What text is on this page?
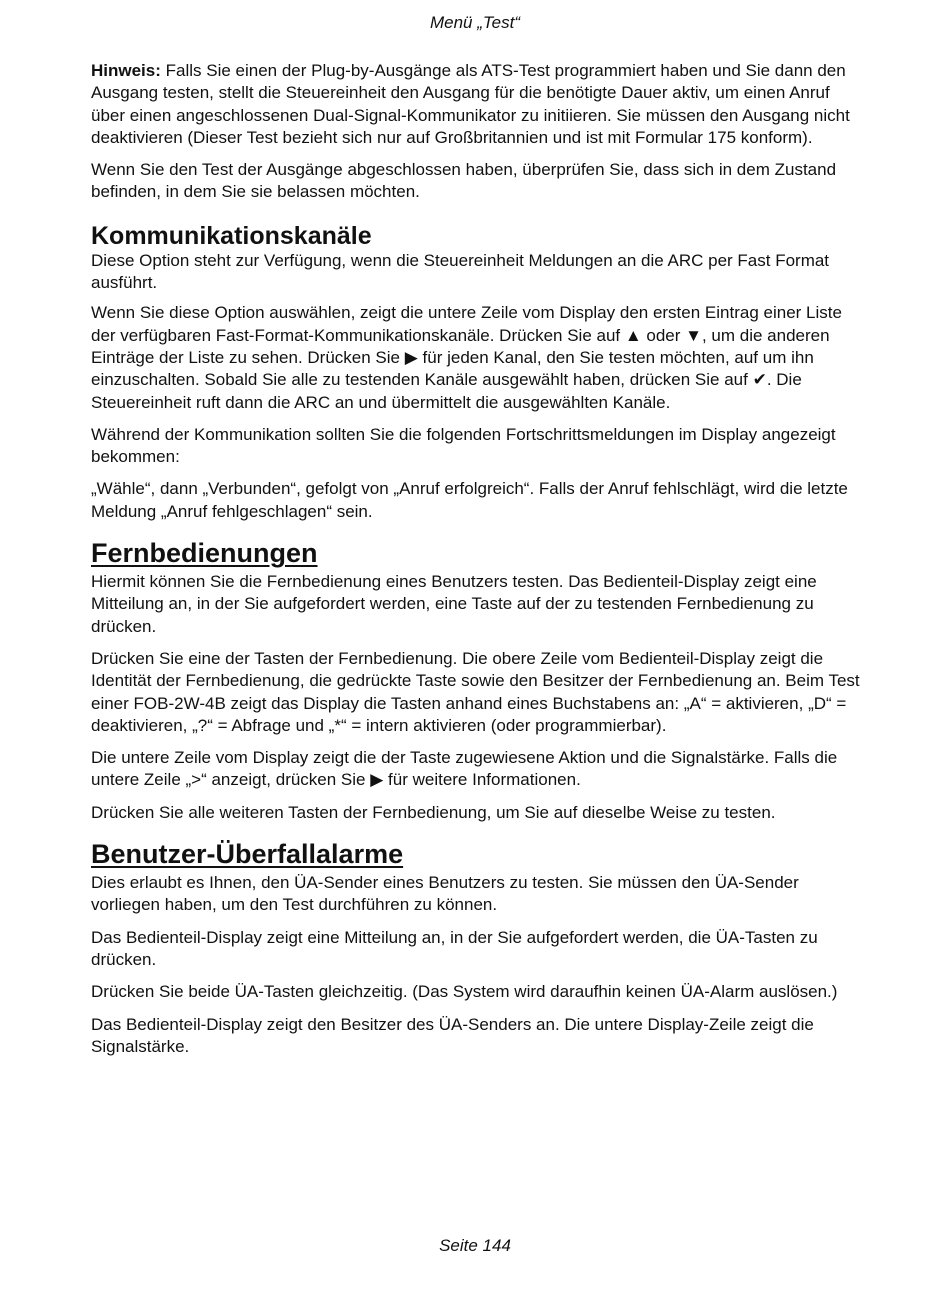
Menü „Test“

Hinweis: Falls Sie einen der Plug-by-Ausgänge als ATS-Test programmiert haben und Sie dann den Ausgang testen, stellt die Steuereinheit den Ausgang für die benötigte Dauer aktiv, um einen Anruf über einen angeschlossenen Dual-Signal-Kommunikator zu initiieren. Sie müssen den Ausgang nicht deaktivieren (Dieser Test bezieht sich nur auf Großbritannien und ist mit Formular 175 konform).

Wenn Sie den Test der Ausgänge abgeschlossen haben, überprüfen Sie, dass sich in dem Zustand befinden, in dem Sie sie belassen möchten.

Kommunikationskanäle

Diese Option steht zur Verfügung, wenn die Steuereinheit Meldungen an die ARC per Fast Format ausführt.

Wenn Sie diese Option auswählen, zeigt die untere Zeile vom Display den ersten Eintrag einer Liste der verfügbaren Fast-Format-Kommunikationskanäle. Drücken Sie auf ▲ oder ▼, um die anderen Einträge der Liste zu sehen. Drücken Sie ▶ für jeden Kanal, den Sie testen möchten, auf um ihn einzuschalten. Sobald Sie alle zu testenden Kanäle ausgewählt haben, drücken Sie auf ✔. Die Steuereinheit ruft dann die ARC an und übermittelt die ausgewählten Kanäle.

Während der Kommunikation sollten Sie die folgenden Fortschrittsmeldungen im Display angezeigt bekommen:

„Wähle“, dann „Verbunden“, gefolgt von „Anruf erfolgreich“. Falls der Anruf fehlschlägt, wird die letzte Meldung „Anruf fehlgeschlagen“ sein.

Fernbedienungen

Hiermit können Sie die Fernbedienung eines Benutzers testen. Das Bedienteil-Display zeigt eine Mitteilung an, in der Sie aufgefordert werden, eine Taste auf der zu testenden Fernbedienung zu drücken.

Drücken Sie eine der Tasten der Fernbedienung. Die obere Zeile vom Bedienteil-Display zeigt die Identität der Fernbedienung, die gedrückte Taste sowie den Besitzer der Fernbedienung an. Beim Test einer FOB-2W-4B zeigt das Display die Tasten anhand eines Buchstabens an: „A“ = aktivieren, „D“ = deaktivieren, „?“ = Abfrage und „*“ = intern aktivieren (oder programmierbar).

Die untere Zeile vom Display zeigt die der Taste zugewiesene Aktion und die Signalstärke. Falls die untere Zeile „>“ anzeigt, drücken Sie ▶ für weitere Informationen.

Drücken Sie alle weiteren Tasten der Fernbedienung, um Sie auf dieselbe Weise zu testen.

Benutzer-Überfallalarme

Dies erlaubt es Ihnen, den ÜA-Sender eines Benutzers zu testen. Sie müssen den ÜA-Sender vorliegen haben, um den Test durchführen zu können.

Das Bedienteil-Display zeigt eine Mitteilung an, in der Sie aufgefordert werden, die ÜA-Tasten zu drücken.

Drücken Sie beide ÜA-Tasten gleichzeitig. (Das System wird daraufhin keinen ÜA-Alarm auslösen.)

Das Bedienteil-Display zeigt den Besitzer des ÜA-Senders an. Die untere Display-Zeile zeigt die Signalstärke.

Seite 144
